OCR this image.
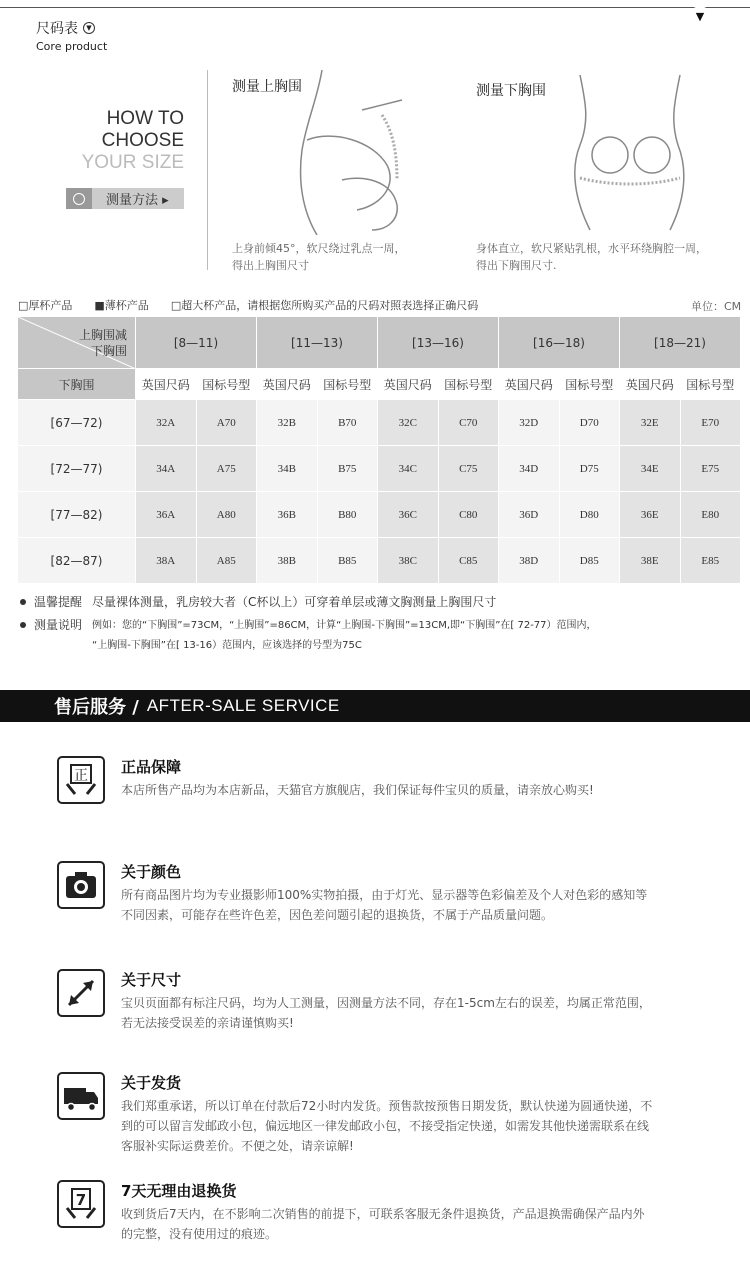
尺码表	▼
Core product
HOW TO
CHOOSE
YOUR SIZE
测量方法 ▸
测量上胸围
上身前倾45°，软尺绕过乳点一周，
得出上胸围尺寸
测量下胸围
身体直立，软尺紧贴乳根，水平环绕胸腔一周，
得出下胸围尺寸.
□厚杯产品 ■薄杯产品 □超大杯产品，请根据您所购买产品的尺码对照表选择正确尺码	单位：CM
上胸围减
下胸围	[8—11)		[11—13)		[13—16)		[16—18)		[18—21)	
下胸围	英国尺码	国标号型	英国尺码	国标号型	英国尺码	国标号型	英国尺码	国标号型	英国尺码	国标号型
[67—72)	32A	A70	32B	B70	32C	C70	32D	D70	32E	E70
[72—77)	34A	A75	34B	B75	34C	C75	34D	D75	34E	E75
[77—82)	36A	A80	36B	B80	36C	C80	36D	D80	36E	E80
[82—87)	38A	A85	38B	B85	38C	C85	38D	D85	38E	E85
温馨提醒 尽量裸体测量，乳房较大者（C杯以上）可穿着单层或薄文胸测量上胸围尺寸
测量说明 例如：您的“下胸围”=73CM，“上胸围”=86CM，计算“上胸围-下胸围”=13CM,即“下胸围”在[ 72-77）范围内，
“上胸围-下胸围”在[ 13-16）范围内，应该选择的号型为75C
售后服务 / AFTER-SALE SERVICE
▼
正 正品保障
本店所售产品均为本店新品，天猫官方旗舰店，我们保证每件宝贝的质量，请亲放心购买!
关于颜色
所有商品图片均为专业摄影师100%实物拍摄，由于灯光、显示器等色彩偏差及个人对色彩的感知等
不同因素，可能存在些许色差，因色差问题引起的退换货，不属于产品质量问题。
关于尺寸
宝贝页面都有标注尺码，均为人工测量，因测量方法不同，存在1-5cm左右的误差，均属正常范围，
若无法接受误差的亲请谨慎购买!
关于发货
我们郑重承诺，所以订单在付款后72小时内发货。预售款按预售日期发货，默认快递为圆通快递，不
到的可以留言发邮政小包，偏远地区一律发邮政小包，不接受指定快递，如需发其他快递需联系在线
客服补实际运费差价。不便之处，请亲谅解!
7 7天无理由退换货
收到货后7天内，在不影响二次销售的前提下，可联系客服无条件退换货，产品退换需确保产品内外
的完整，没有使用过的痕迹。
